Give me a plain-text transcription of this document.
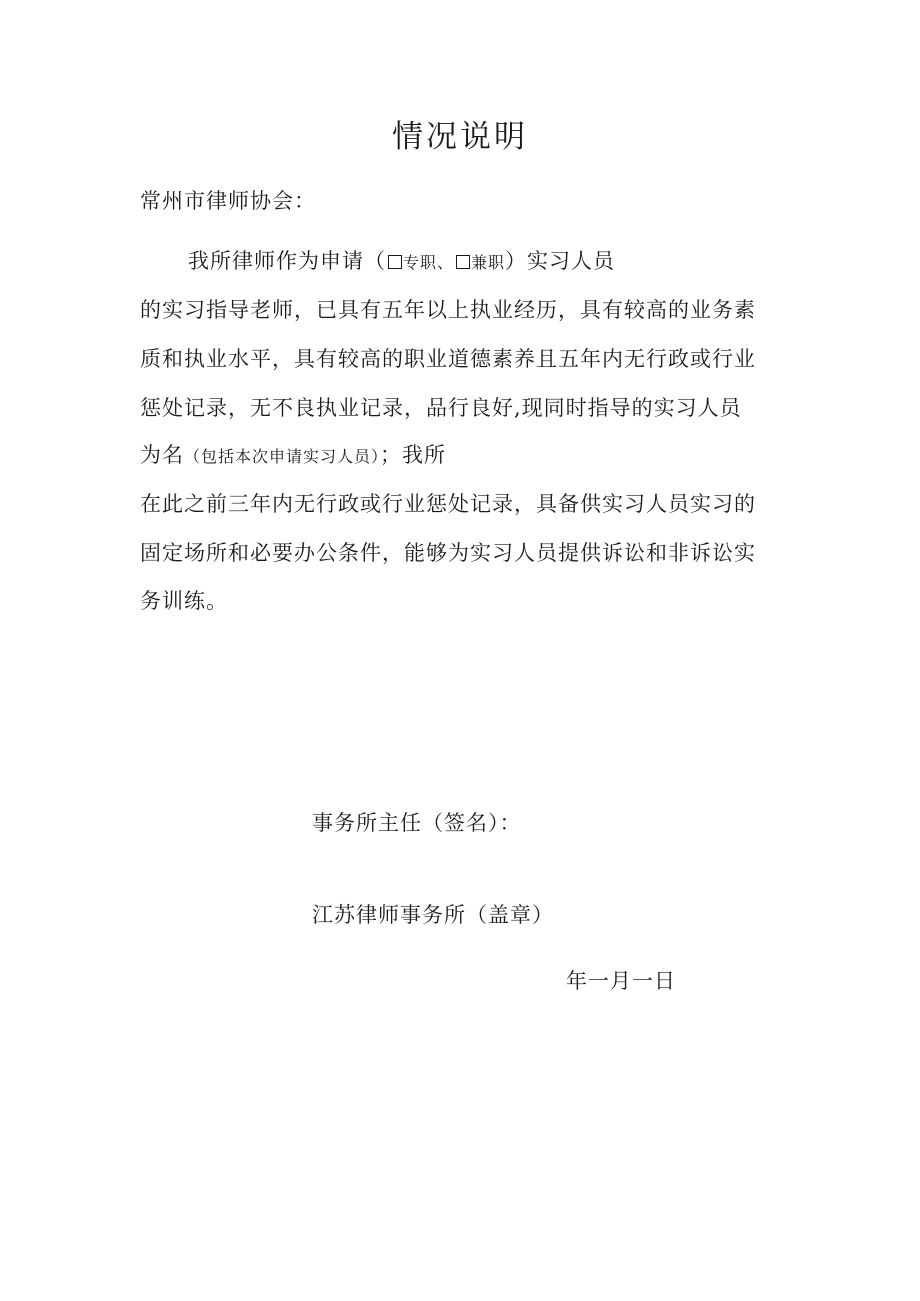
情况说明
常州市律师协会：
我所律师作为申请（ 专职、 兼职）实习人员
的实习指导老师，已具有五年以上执业经历，具有较高的业务素
质和执业水平，具有较高的职业道德素养且五年内无行政或行业
惩处记录，无不良执业记录，品行良好,现同时指导的实习人员
为名（包括本次申请实习人员）；我所
在此之前三年内无行政或行业惩处记录，具备供实习人员实习的
固定场所和必要办公条件，能够为实习人员提供诉讼和非诉讼实
务训练。
事务所主任（签名）：
江苏律师事务所（盖章）
年一月一日
